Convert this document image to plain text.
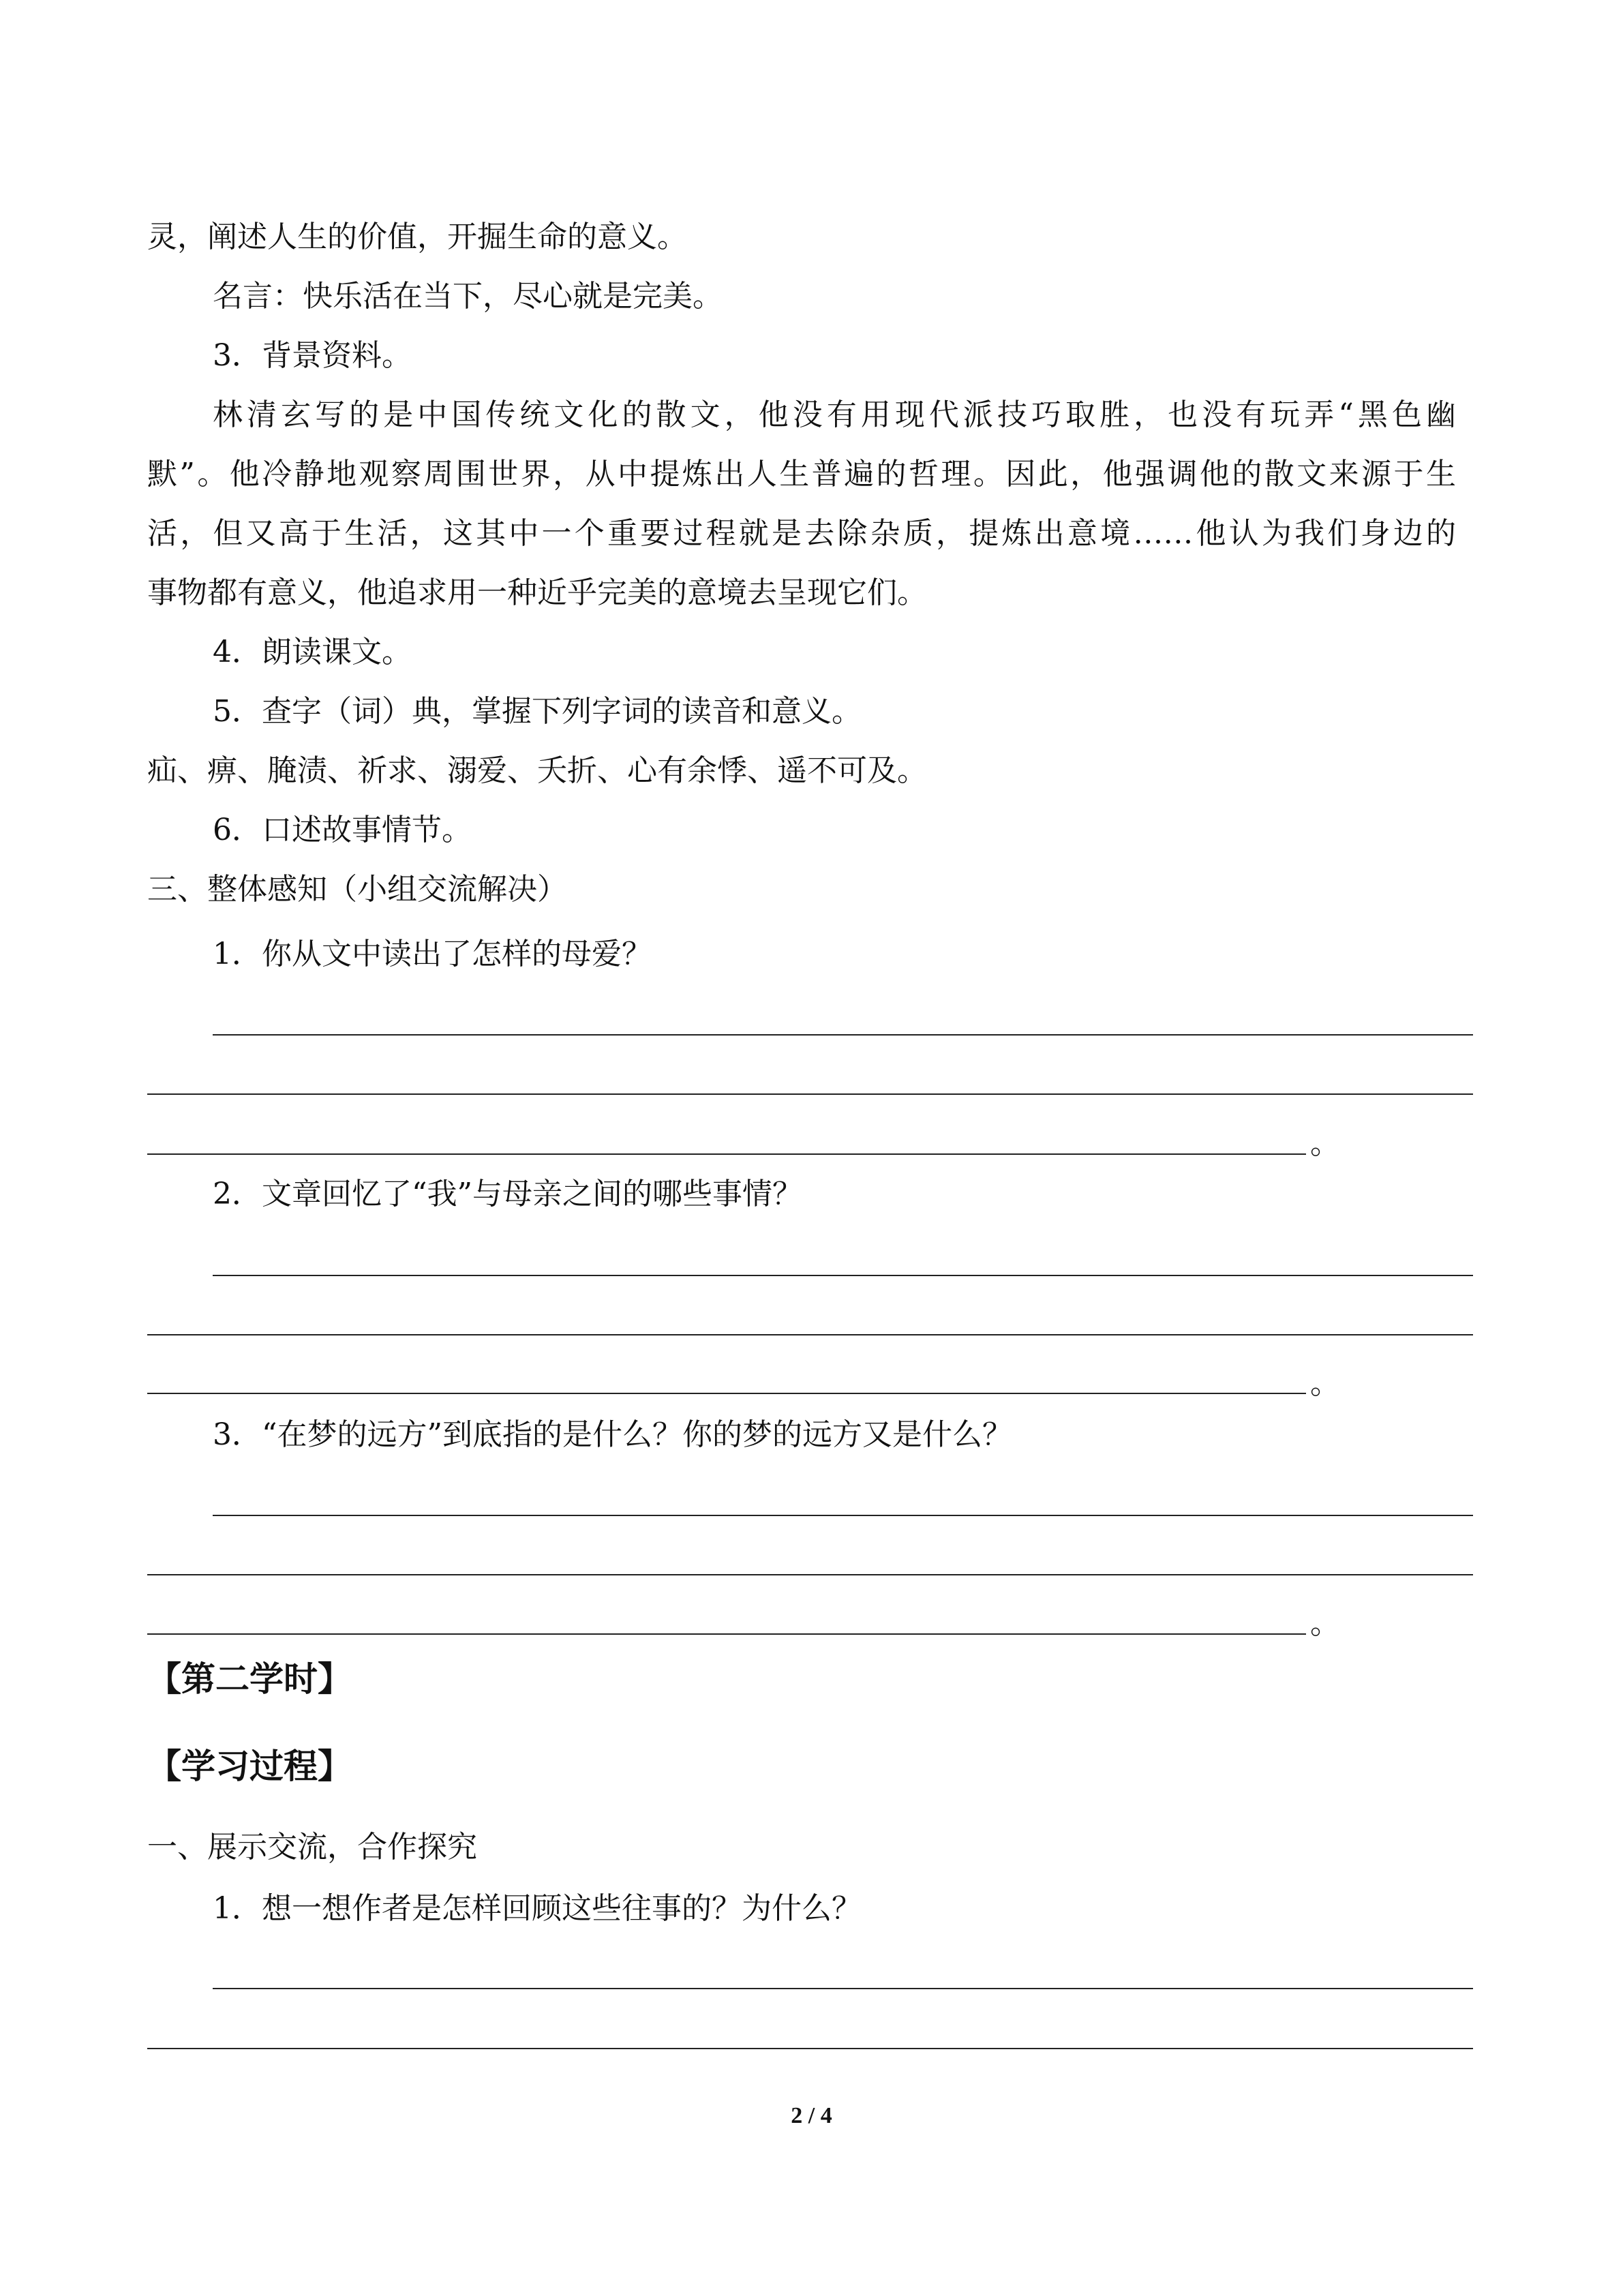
灵，阐述人生的价值，开掘生命的意义。
名言：快乐活在当下，尽心就是完美。
3．背景资料。
林清玄写的是中国传统文化的散文，他没有用现代派技巧取胜，也没有玩弄“黑色幽
默”。他冷静地观察周围世界，从中提炼出人生普遍的哲理。因此，他强调他的散文来源于生
活，但又高于生活，这其中一个重要过程就是去除杂质，提炼出意境……他认为我们身边的
事物都有意义，他追求用一种近乎完美的意境去呈现它们。
4．朗读课文。
5．查字（词）典，掌握下列字词的读音和意义。
疝、痹、腌渍、祈求、溺爱、夭折、心有余悸、遥不可及。
6．口述故事情节。
三、整体感知（小组交流解决）
1．你从文中读出了怎样的母爱？
。
2．文章回忆了“我”与母亲之间的哪些事情？
。
3．“在梦的远方”到底指的是什么？你的梦的远方又是什么？
。
【第二学时】
【学习过程】
一、展示交流，合作探究
1．想一想作者是怎样回顾这些往事的？为什么？
2 / 4
